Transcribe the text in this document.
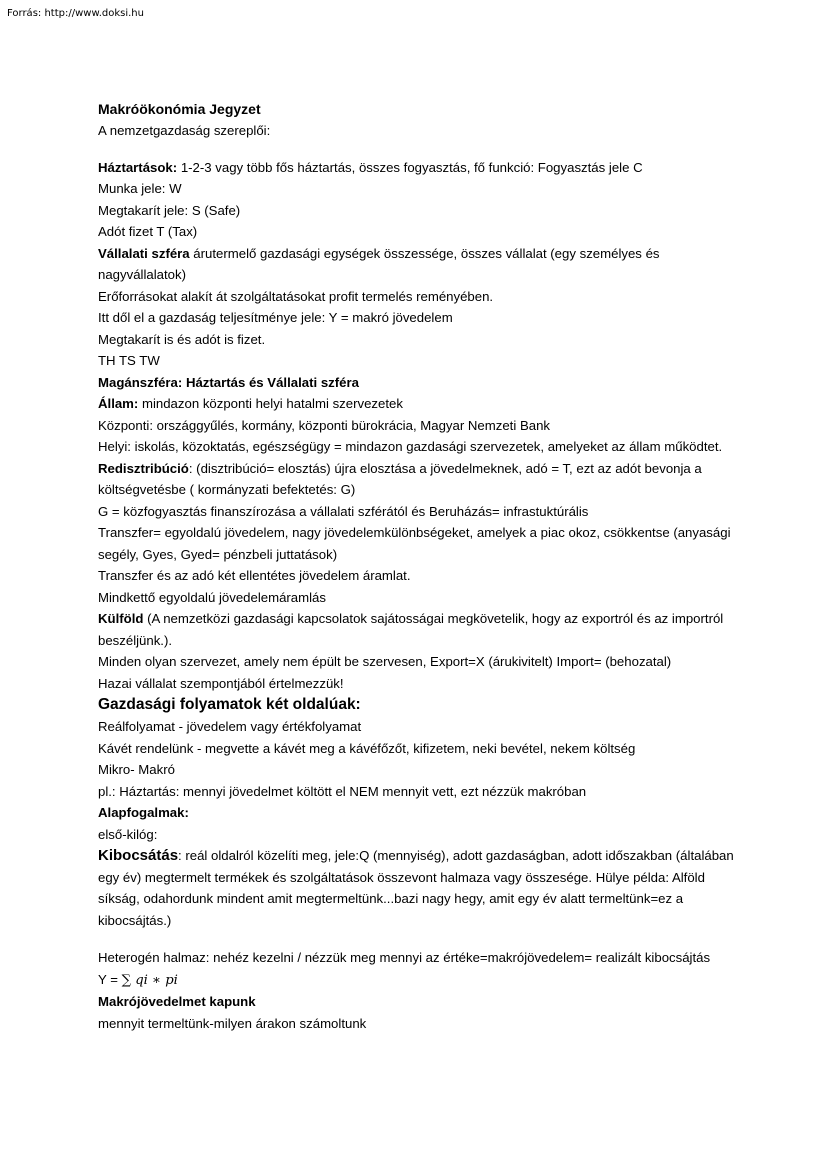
Forrás: http://www.doksi.hu

Makróökonómia Jegyzet

A nemzetgazdaság szereplői:

Háztartások: 1-2-3 vagy több fős háztartás, összes fogyasztás, fő funkció: Fogyasztás jele C

Munka jele: W

Megtakarít jele: S (Safe)

Adót fizet T (Tax)

Vállalati szféra árutermelő gazdasági egységek összessége, összes vállalat (egy személyes és nagyvállalatok)

Erőforrásokat alakít át szolgáltatásokat profit termelés reményében.

Itt dől el a gazdaság teljesítménye jele: Y = makró jövedelem

Megtakarít is és adót is fizet.

TH TS TW

Magánszféra: Háztartás és Vállalati szféra

Állam: mindazon központi helyi hatalmi szervezetek

Központi: országgyűlés, kormány, központi bürokrácia, Magyar Nemzeti Bank

Helyi: iskolás, közoktatás, egészségügy = mindazon gazdasági szervezetek, amelyeket az állam működtet.

Redisztribúció: (disztribúció= elosztás) újra elosztása a jövedelmeknek, adó = T, ezt az adót bevonja a költségvetésbe ( kormányzati befektetés: G)

G = közfogyasztás finanszírozása a vállalati szférától és Beruházás= infrastuktúrális

Transzfer= egyoldalú jövedelem, nagy jövedelemkülönbségeket, amelyek a piac okoz, csökkentse (anyasági segély, Gyes, Gyed= pénzbeli juttatások)

Transzfer és az adó két ellentétes jövedelem áramlat.

Mindkettő egyoldalú jövedelemáramlás

Külföld (A nemzetközi gazdasági kapcsolatok sajátosságai megkövetelik, hogy az exportról és az importról beszéljünk.).

Minden olyan szervezet, amely nem épült be szervesen, Export=X (árukivitelt) Import= (behozatal)

Hazai vállalat szempontjából értelmezzük!

Gazdasági folyamatok két oldalúak:

Reálfolyamat - jövedelem vagy értékfolyamat

Kávét rendelünk - megvette a kávét meg a kávéfőzőt, kifizetem, neki bevétel, nekem költség

Mikro- Makró

pl.: Háztartás: mennyi jövedelmet költött el NEM mennyit vett, ezt nézzük makróban

Alapfogalmak:

első-kilóg:

Kibocsátás: reál oldalról közelíti meg, jele:Q (mennyiség), adott gazdaságban, adott időszakban (általában egy év) megtermelt termékek és szolgáltatások összevont halmaza vagy összesége. Hülye példa: Alföld síkság, odahordunk mindent amit megtermeltünk...bazi nagy hegy, amit egy év alatt termeltünk=ez a kibocsájtás.)

Heterogén halmaz: nehéz kezelni / nézzük meg mennyi az értéke=makrójövedelem= realizált kibocsájtás

Y = ∑ qi ∗ pi

Makrójövedelmet kapunk

mennyit termeltünk-milyen árakon számoltunk
